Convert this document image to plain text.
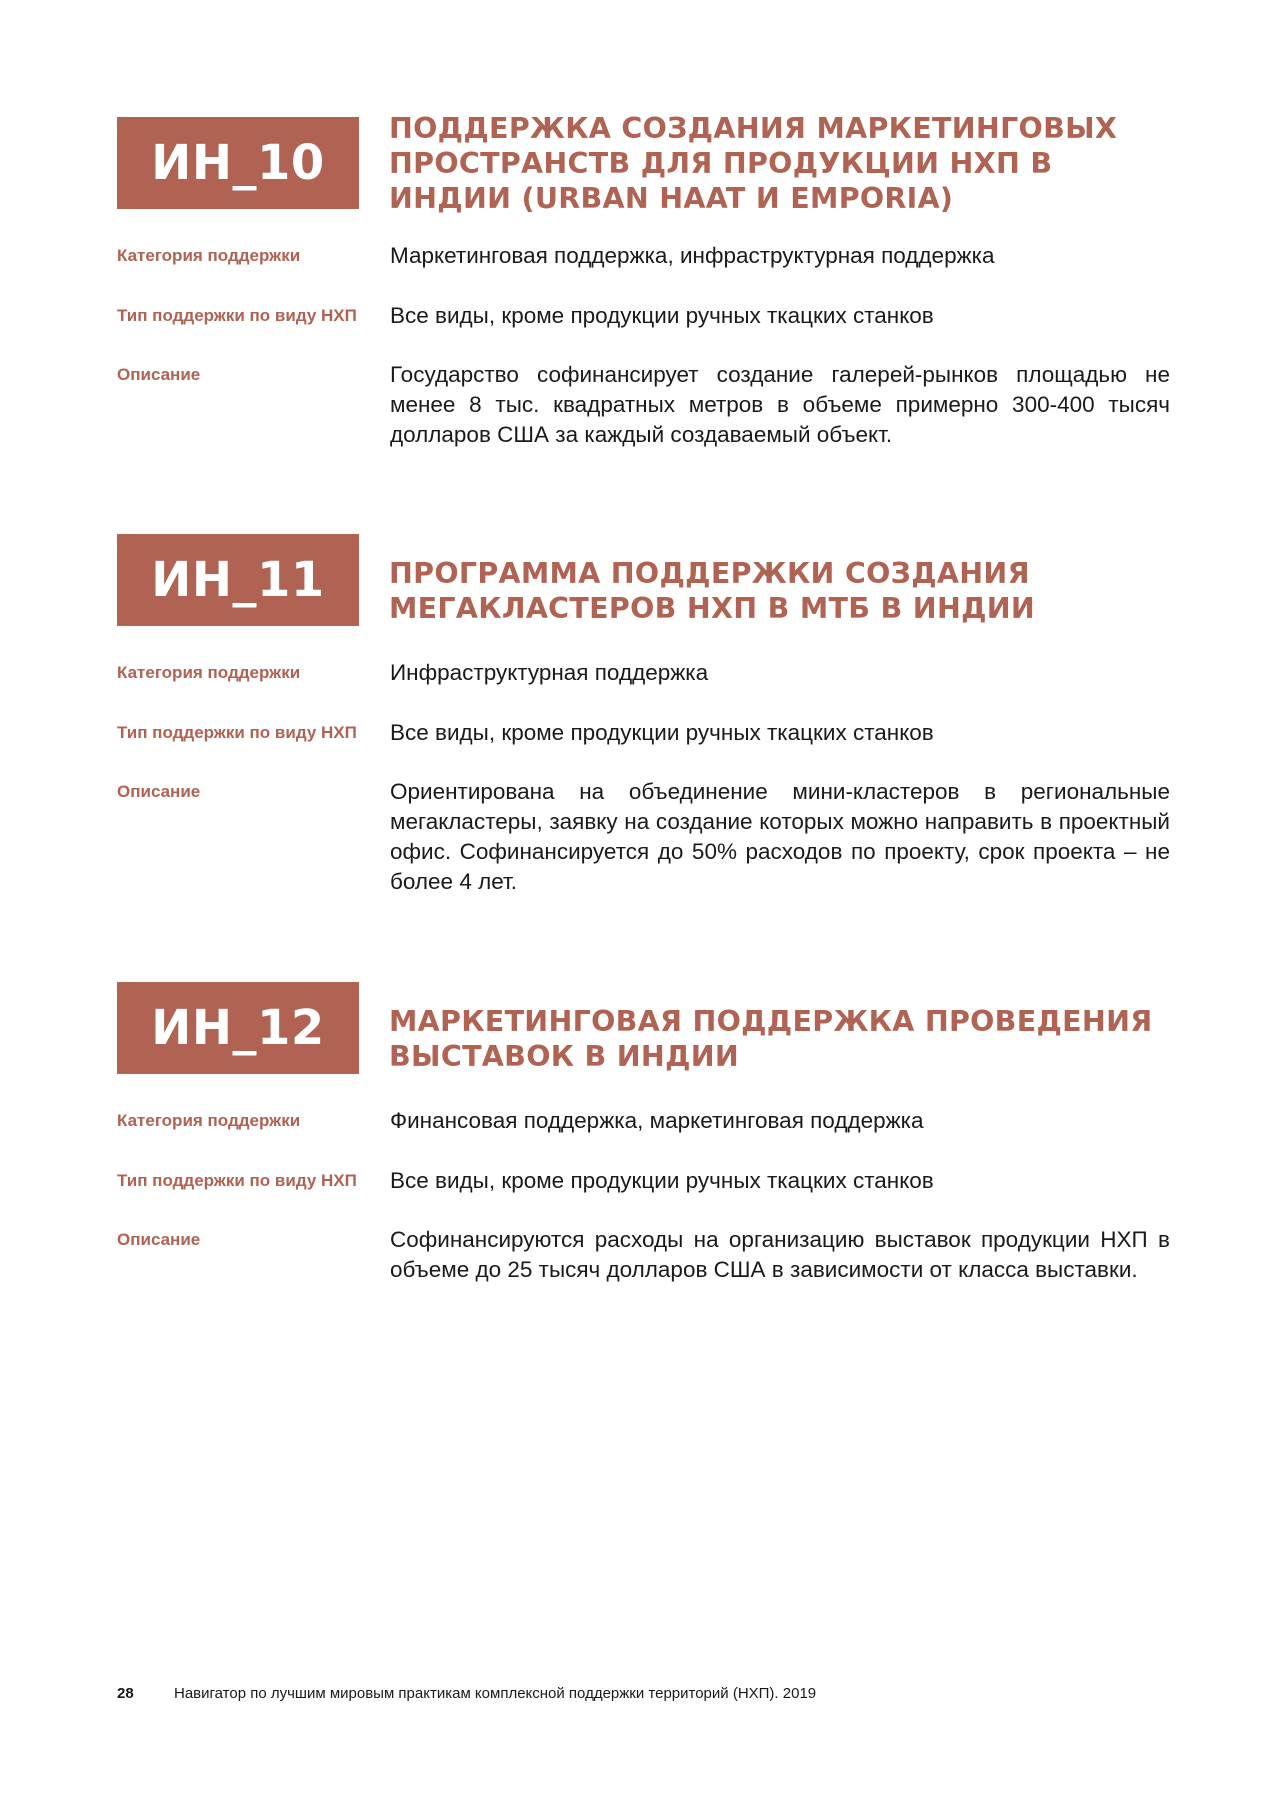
ИН_10
ПОДДЕРЖКА СОЗДАНИЯ МАРКЕТИНГОВЫХ ПРОСТРАНСТВ ДЛЯ ПРОДУКЦИИ НХП В ИНДИИ (URBAN HAAT И EMPORIA)
Категория поддержки	Маркетинговая поддержка, инфраструктурная поддержка
Тип поддержки по виду НХП	Все виды, кроме продукции ручных ткацких станков
Описание	Государство софинансирует создание галерей-рынков площадью не менее 8 тыс. квадратных метров в объеме примерно 300-400 тысяч долларов США за каждый создаваемый объект.
ИН_11	ПРОГРАММА ПОДДЕРЖКИ СОЗДАНИЯ МЕГАКЛАСТЕРОВ НХП В МТБ В ИНДИИ
Категория поддержки	Инфраструктурная поддержка
Тип поддержки по виду НХП	Все виды, кроме продукции ручных ткацких станков
Описание	Ориентирована на объединение мини-кластеров в региональные мегакластеры, заявку на создание которых можно направить в проектный офис. Софинансируется до 50% расходов по проекту, срок проекта – не более 4 лет.
ИН_12	МАРКЕТИНГОВАЯ ПОДДЕРЖКА ПРОВЕДЕНИЯ ВЫСТАВОК В ИНДИИ
Категория поддержки	Финансовая поддержка, маркетинговая поддержка
Тип поддержки по виду НХП	Все виды, кроме продукции ручных ткацких станков
Описание	Софинансируются расходы на организацию выставок продукции НХП в объеме до 25 тысяч долларов США в зависимости от класса выставки.
28	Навигатор по лучшим мировым практикам комплексной поддержки территорий (НХП). 2019
